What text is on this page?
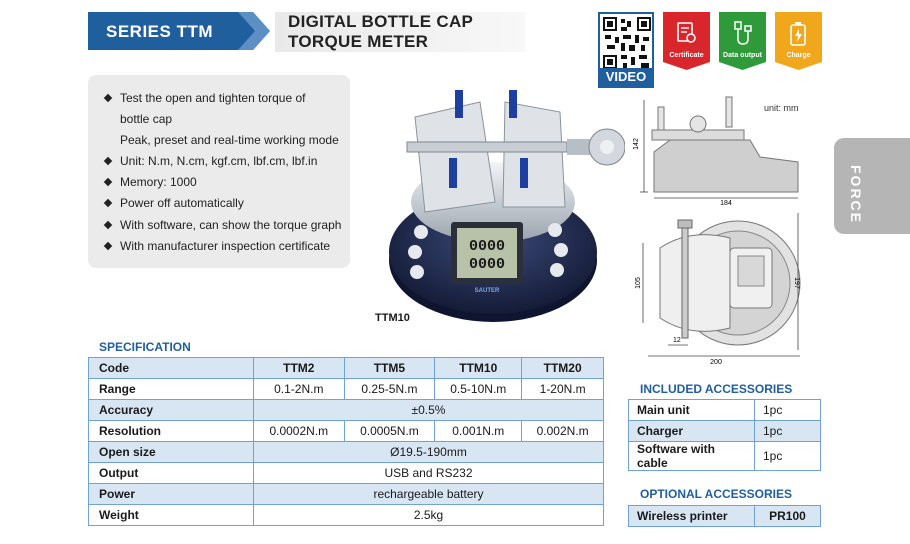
SERIES TTM
DIGITAL BOTTLE CAP
TORQUE METER
VIDEO
Certificate	Data output	Charge
Test the open and tighten torque of
bottle cap
Peak, preset and real-time working mode
Unit: N.m, N.cm, kgf.cm, lbf.cm, lbf.in
Memory: 1000
Power off automatically
With software, can show the torque graph
With manufacturer inspection certificate	0000
0000
SAUTER
TTM10
unit: mm
142
184
105	197
12
200
FORCE
SPECIFICATION
Code	TTM2	TTM5	TTM10	TTM20
Range	0.1-2N.m	0.25-5N.m	0.5-10N.m	1-20N.m
Accuracy	±0.5%			
Resolution	0.0002N.m	0.0005N.m	0.001N.m	0.002N.m
Open size	Ø19.5-190mm			
Output	USB and RS232			
Power	rechargeable battery			
Weight	2.5kg			
INCLUDED ACCESSORIES
Main unit	1pc
Charger	1pc
Software with cable	1pc
OPTIONAL ACCESSORIES
Wireless printer	PR100
